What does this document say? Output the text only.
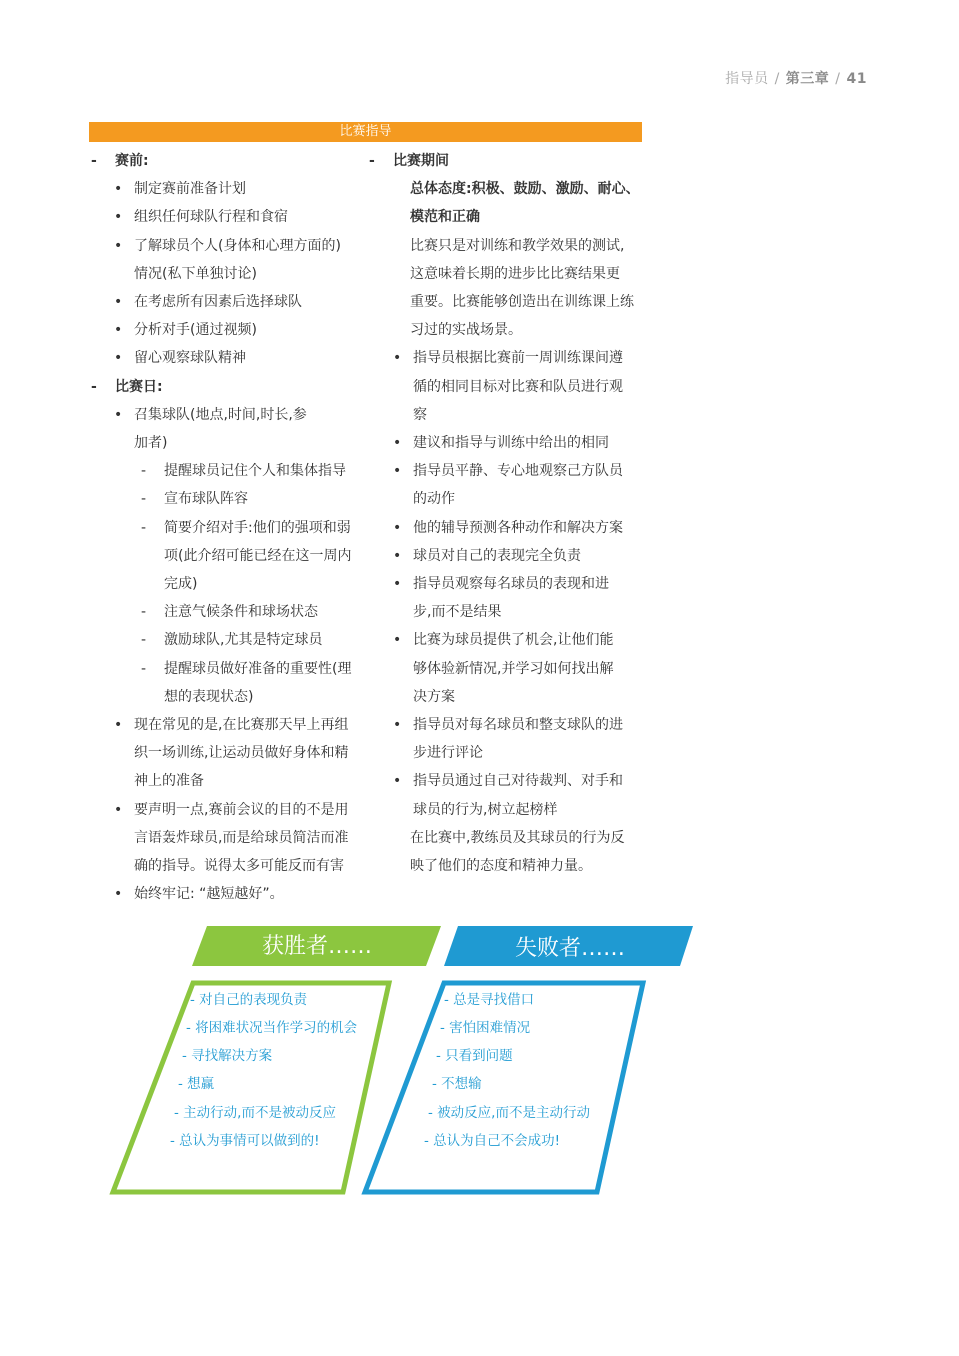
指导员 / 第三章 / 41
比赛指导
- 赛前:
• 制定赛前准备计划
• 组织任何球队行程和食宿
• 了解球员个人(身体和心理方面的)
情况(私下单独讨论)
• 在考虑所有因素后选择球队
• 分析对手(通过视频)
• 留心观察球队精神
- 比赛日:
• 召集球队(地点,时间,时长,参
加者)
- 提醒球员记住个人和集体指导
- 宣布球队阵容
- 简要介绍对手:他们的强项和弱
项(此介绍可能已经在这一周内
完成)
- 注意气候条件和球场状态
- 激励球队,尤其是特定球员
- 提醒球员做好准备的重要性(理
想的表现状态)
• 现在常见的是,在比赛那天早上再组
织一场训练,让运动员做好身体和精
神上的准备
• 要声明一点,赛前会议的目的不是用
言语轰炸球员,而是给球员简洁而准
确的指导。说得太多可能反而有害
• 始终牢记: “越短越好”。
- 比赛期间
总体态度:积极、鼓励、激励、耐心、
模范和正确
比赛只是对训练和教学效果的测试,
这意味着长期的进步比比赛结果更
重要。比赛能够创造出在训练课上练
习过的实战场景。
• 指导员根据比赛前一周训练课间遵
循的相同目标对比赛和队员进行观
察
• 建议和指导与训练中给出的相同
• 指导员平静、专心地观察己方队员
的动作
• 他的辅导预测各种动作和解决方案
• 球员对自己的表现完全负责
• 指导员观察每名球员的表现和进
步,而不是结果
• 比赛为球员提供了机会,让他们能
够体验新情况,并学习如何找出解
决方案
• 指导员对每名球员和整支球队的进
步进行评论
• 指导员通过自己对待裁判、对手和
球员的行为,树立起榜样
在比赛中,教练员及其球员的行为反
映了他们的态度和精神力量。
获胜者……	失败者……
- 对自己的表现负责
- 将困难状况当作学习的机会
- 寻找解决方案
- 想赢
- 主动行动,而不是被动反应
- 总认为事情可以做到的!
- 总是寻找借口
- 害怕困难情况
- 只看到问题
- 不想输
- 被动反应,而不是主动行动
- 总认为自己不会成功!
